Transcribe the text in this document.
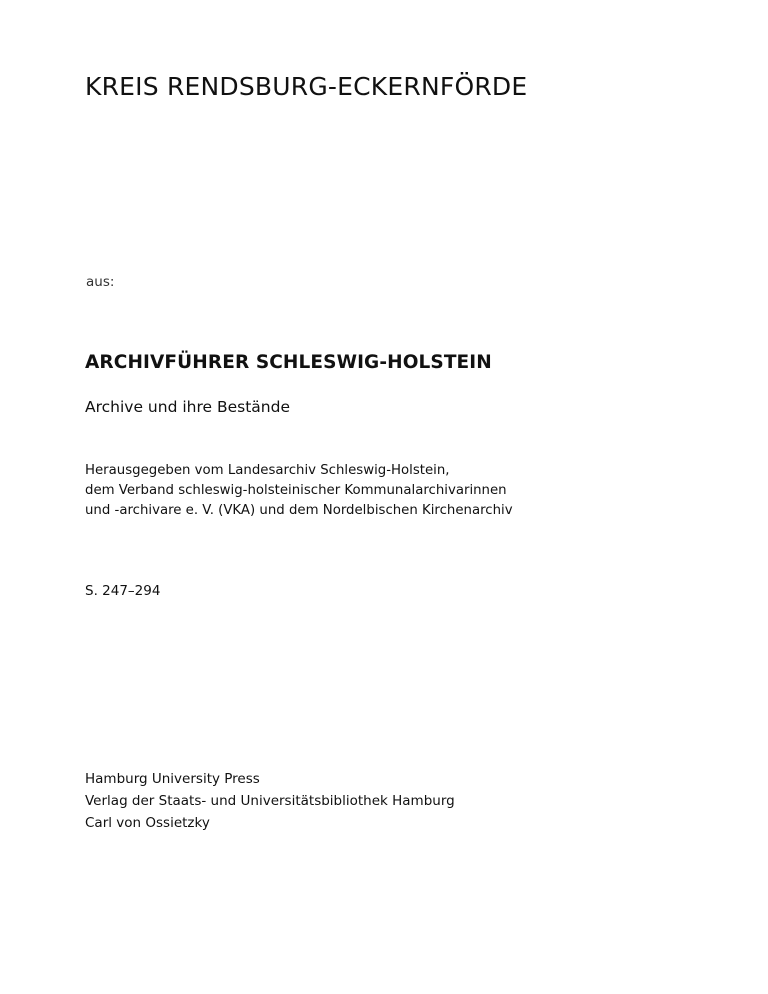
KREIS RENDSBURG-ECKERNFÖRDE

aus:

ARCHIVFÜHRER SCHLESWIG-HOLSTEIN

Archive und ihre Bestände

Herausgegeben vom Landesarchiv Schleswig-Holstein,
dem Verband schleswig-holsteinischer Kommunalarchivarinnen
und -archivare e. V. (VKA) und dem Nordelbischen Kirchenarchiv

S. 247–294

Hamburg University Press
Verlag der Staats- und Universitätsbibliothek Hamburg
Carl von Ossietzky
